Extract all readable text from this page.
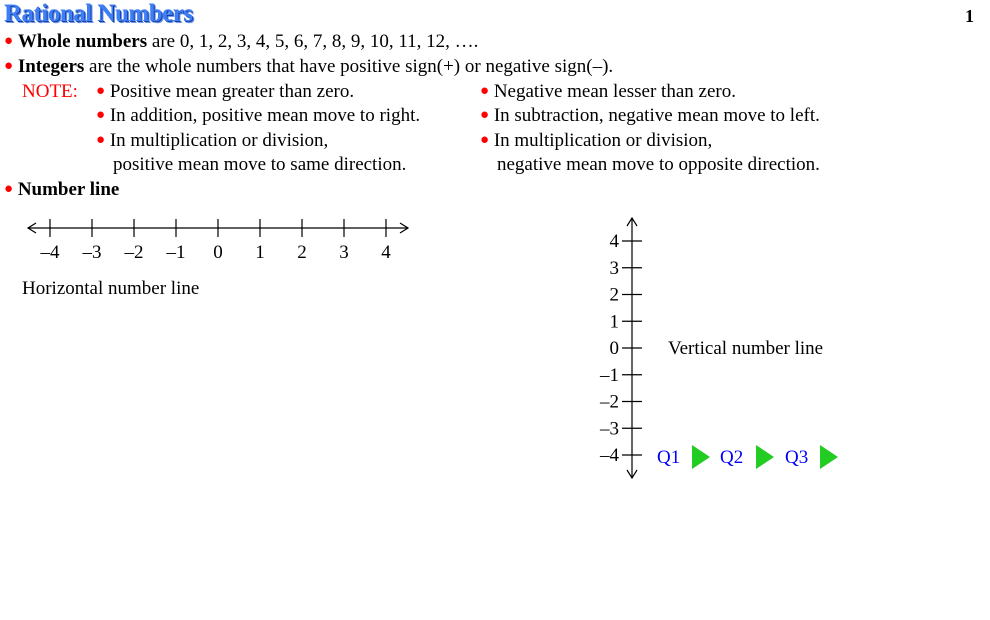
Rational Numbers	1
● Whole numbers are 0, 1, 2, 3, 4, 5, 6, 7, 8, 9, 10, 11, 12, ….
● Integers are the whole numbers that have positive sign(+) or negative sign(–).
NOTE: ● Positive mean greater than zero.
● In addition, positive mean move to right.
● In multiplication or division,
positive mean move to same direction.
● Negative mean lesser than zero.
● In subtraction, negative mean move to left.
● In multiplication or division,
negative mean move to opposite direction.
● Number line
–4 –3 –2 –1 0 1 2 3 4
Horizontal number line
4
3
2
1
0
–1
–2
–3
–4
Vertical number line
Q1 Q2 Q3
